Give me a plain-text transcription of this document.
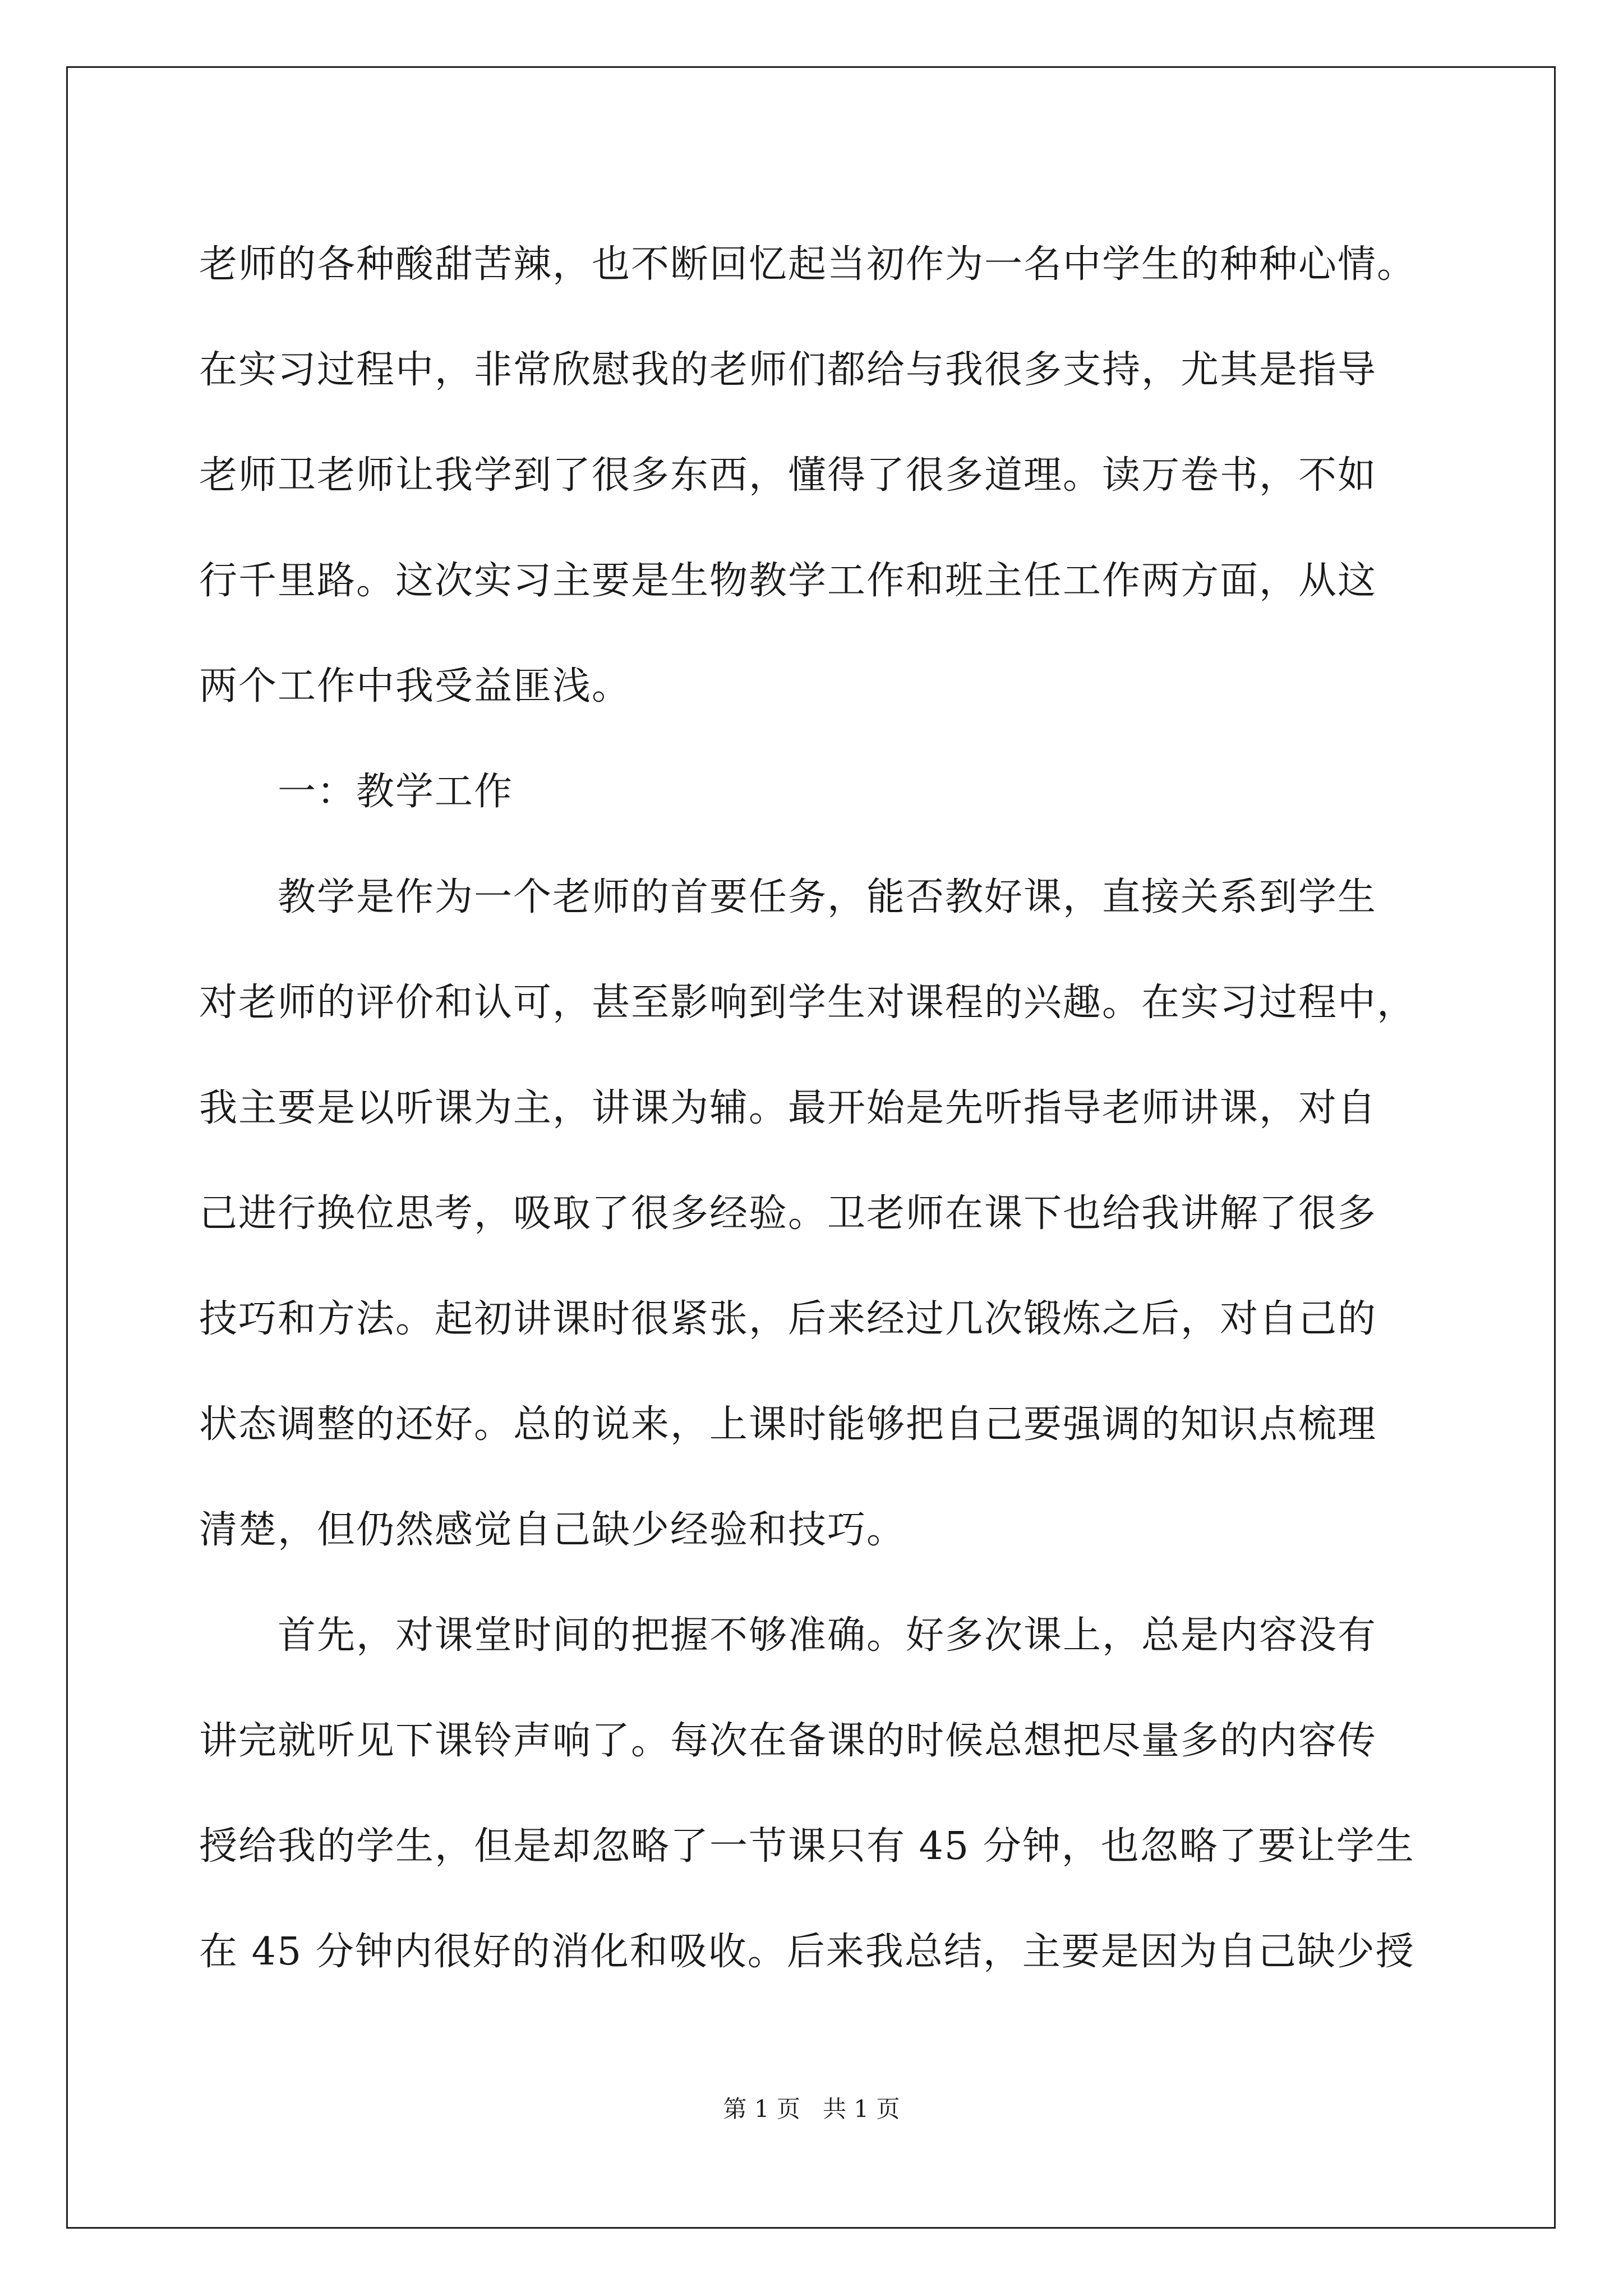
老师的各种酸甜苦辣，也不断回忆起当初作为一名中学生的种种心情。
在实习过程中，非常欣慰我的老师们都给与我很多支持，尤其是指导
老师卫老师让我学到了很多东西，懂得了很多道理。读万卷书，不如
行千里路。这次实习主要是生物教学工作和班主任工作两方面，从这
两个工作中我受益匪浅。
　　一：教学工作
　　教学是作为一个老师的首要任务，能否教好课，直接关系到学生
对老师的评价和认可，甚至影响到学生对课程的兴趣。在实习过程中，
我主要是以听课为主，讲课为辅。最开始是先听指导老师讲课，对自
己进行换位思考，吸取了很多经验。卫老师在课下也给我讲解了很多
技巧和方法。起初讲课时很紧张，后来经过几次锻炼之后，对自己的
状态调整的还好。总的说来，上课时能够把自己要强调的知识点梳理
清楚，但仍然感觉自己缺少经验和技巧。
　　首先，对课堂时间的把握不够准确。好多次课上，总是内容没有
讲完就听见下课铃声响了。每次在备课的时候总想把尽量多的内容传
授给我的学生，但是却忽略了一节课只有 45 分钟，也忽略了要让学生
在 45 分钟内很好的消化和吸收。后来我总结，主要是因为自己缺少授
第 1 页   共 1 页
